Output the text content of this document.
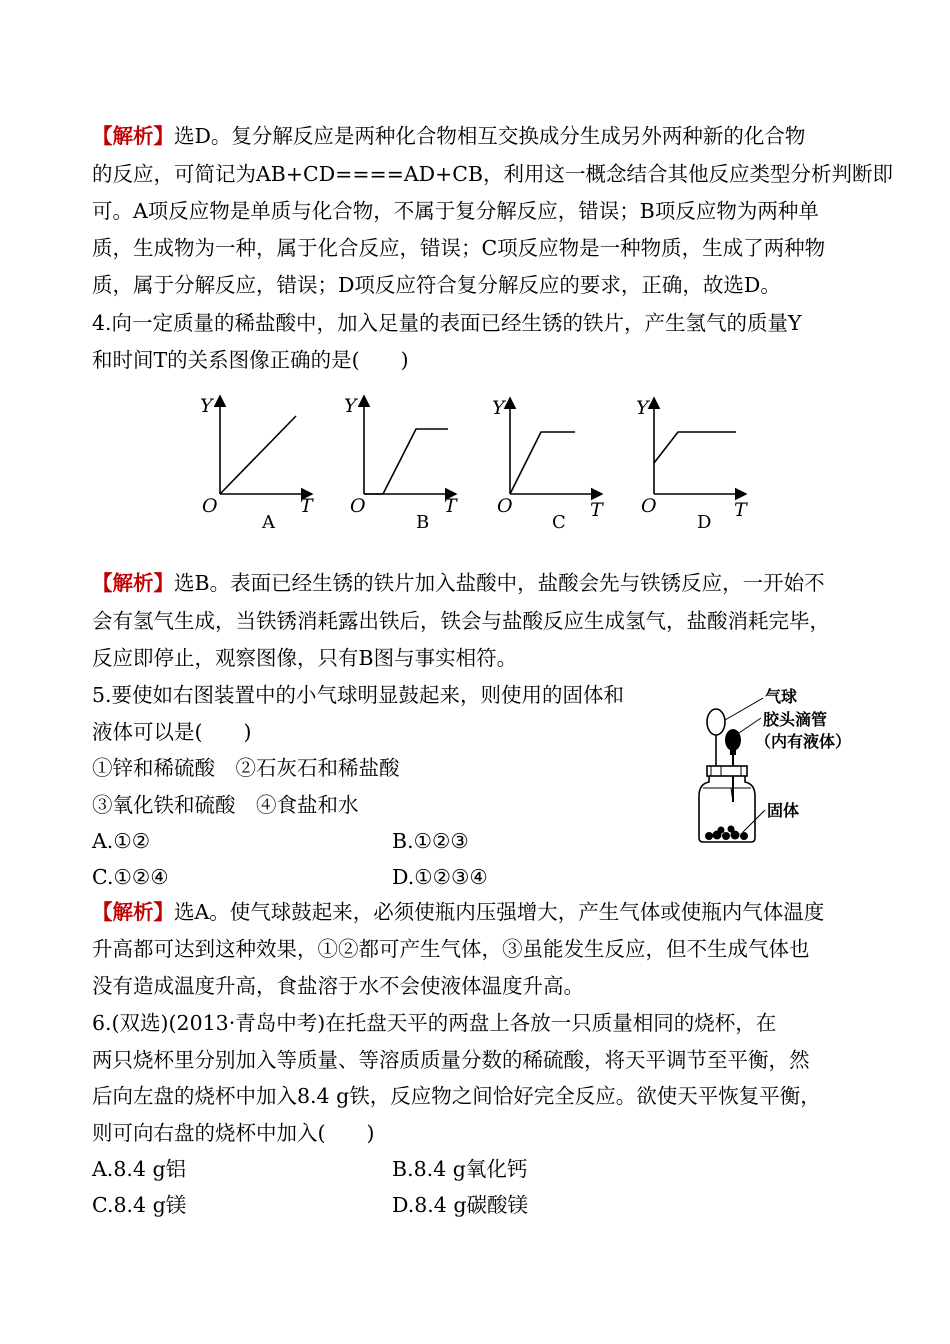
【解析】选D。复分解反应是两种化合物相互交换成分生成另外两种新的化合物
的反应，可简记为AB+CD====AD+CB，利用这一概念结合其他反应类型分析判断即
可。A项反应物是单质与化合物，不属于复分解反应，错误；B项反应物为两种单
质，生成物为一种，属于化合反应，错误；C项反应物是一种物质，生成了两种物
质，属于分解反应，错误；D项反应符合复分解反应的要求，正确，故选D。
4.向一定质量的稀盐酸中，加入足量的表面已经生锈的铁片，产生氢气的质量Y
和时间T的关系图像正确的是(　　)
Y
T
O
A
Y
T
O
B
Y
T
O
C
Y
T
O
D
【解析】选B。表面已经生锈的铁片加入盐酸中，盐酸会先与铁锈反应，一开始不
会有氢气生成，当铁锈消耗露出铁后，铁会与盐酸反应生成氢气，盐酸消耗完毕，
反应即停止，观察图像，只有B图与事实相符。
5.要使如右图装置中的小气球明显鼓起来，则使用的固体和
液体可以是(　　)
①锌和稀硫酸　②石灰石和稀盐酸
③氧化铁和硫酸　④食盐和水
A.①②	B.①②③
C.①②④	D.①②③④
气球
胶头滴管
（内有液体）
固体
【解析】选A。使气球鼓起来，必须使瓶内压强增大，产生气体或使瓶内气体温度
升高都可达到这种效果，①②都可产生气体，③虽能发生反应，但不生成气体也
没有造成温度升高，食盐溶于水不会使液体温度升高。
6.(双选)(2013·青岛中考)在托盘天平的两盘上各放一只质量相同的烧杯，在
两只烧杯里分别加入等质量、等溶质质量分数的稀硫酸，将天平调节至平衡，然
后向左盘的烧杯中加入8.4 g铁，反应物之间恰好完全反应。欲使天平恢复平衡，
则可向右盘的烧杯中加入(　　)
A.8.4 g铝	B.8.4 g氧化钙
C.8.4 g镁	D.8.4 g碳酸镁
